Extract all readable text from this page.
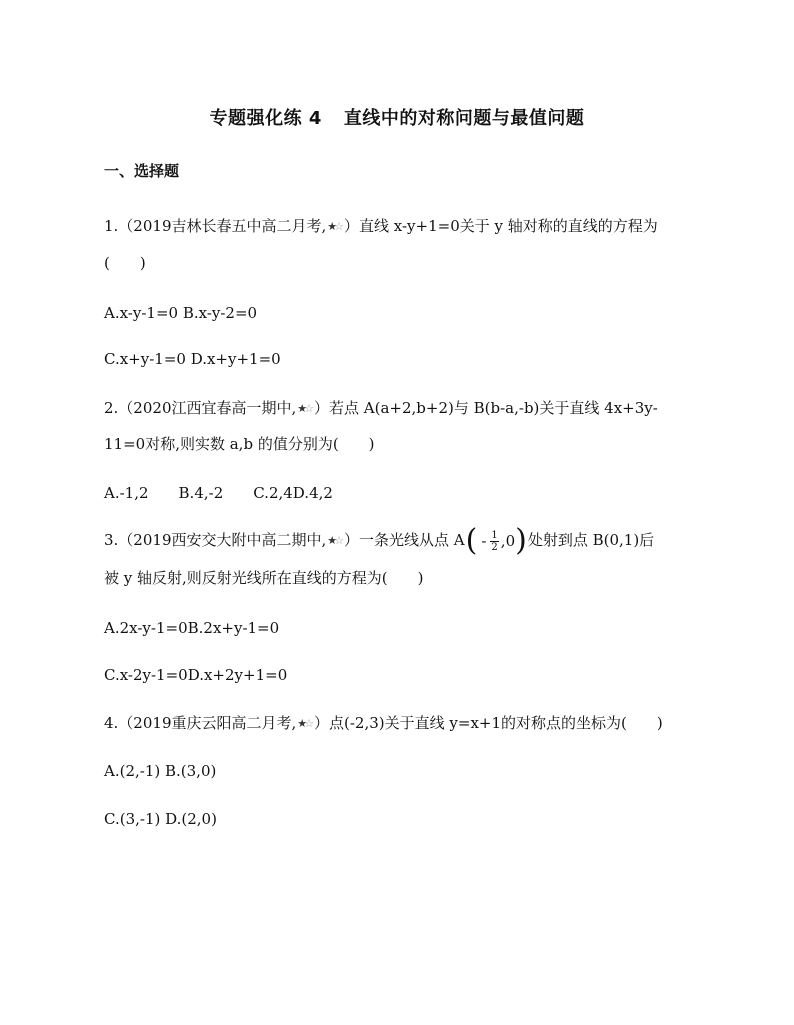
专题强化练 4 直线中的对称问题与最值问题
一、选择题
1.（2019吉林长春五中高二月考,★☆ ）直线 x-y+1=0关于 y 轴对称的直线的方程为
(　　)
A.x-y-1=0 B.x-y-2=0
C.x+y-1=0 D.x+y+1=0
2.（2020江西宜春高一期中,★☆ ）若点 A(a+2,b+2)与 B(b-a,-b)关于直线 4x+3y-
11=0对称,则实数 a,b 的值分别为(　　)
A.-1,2　　B.4,-2　　C.2,4D.4,2
3.（2019西安交大附中高二期中,★☆ ）一条光线从点 A ( - 1
2 ,0 ) 处射到点 B(0,1)后
被 y 轴反射,则反射光线所在直线的方程为(　　)
A.2x-y-1=0B.2x+y-1=0
C.x-2y-1=0D.x+2y+1=0
4.（2019重庆云阳高二月考,★☆ ）点(-2,3)关于直线 y=x+1的对称点的坐标为(　　)
A.(2,-1) B.(3,0)
C.(3,-1) D.(2,0)
